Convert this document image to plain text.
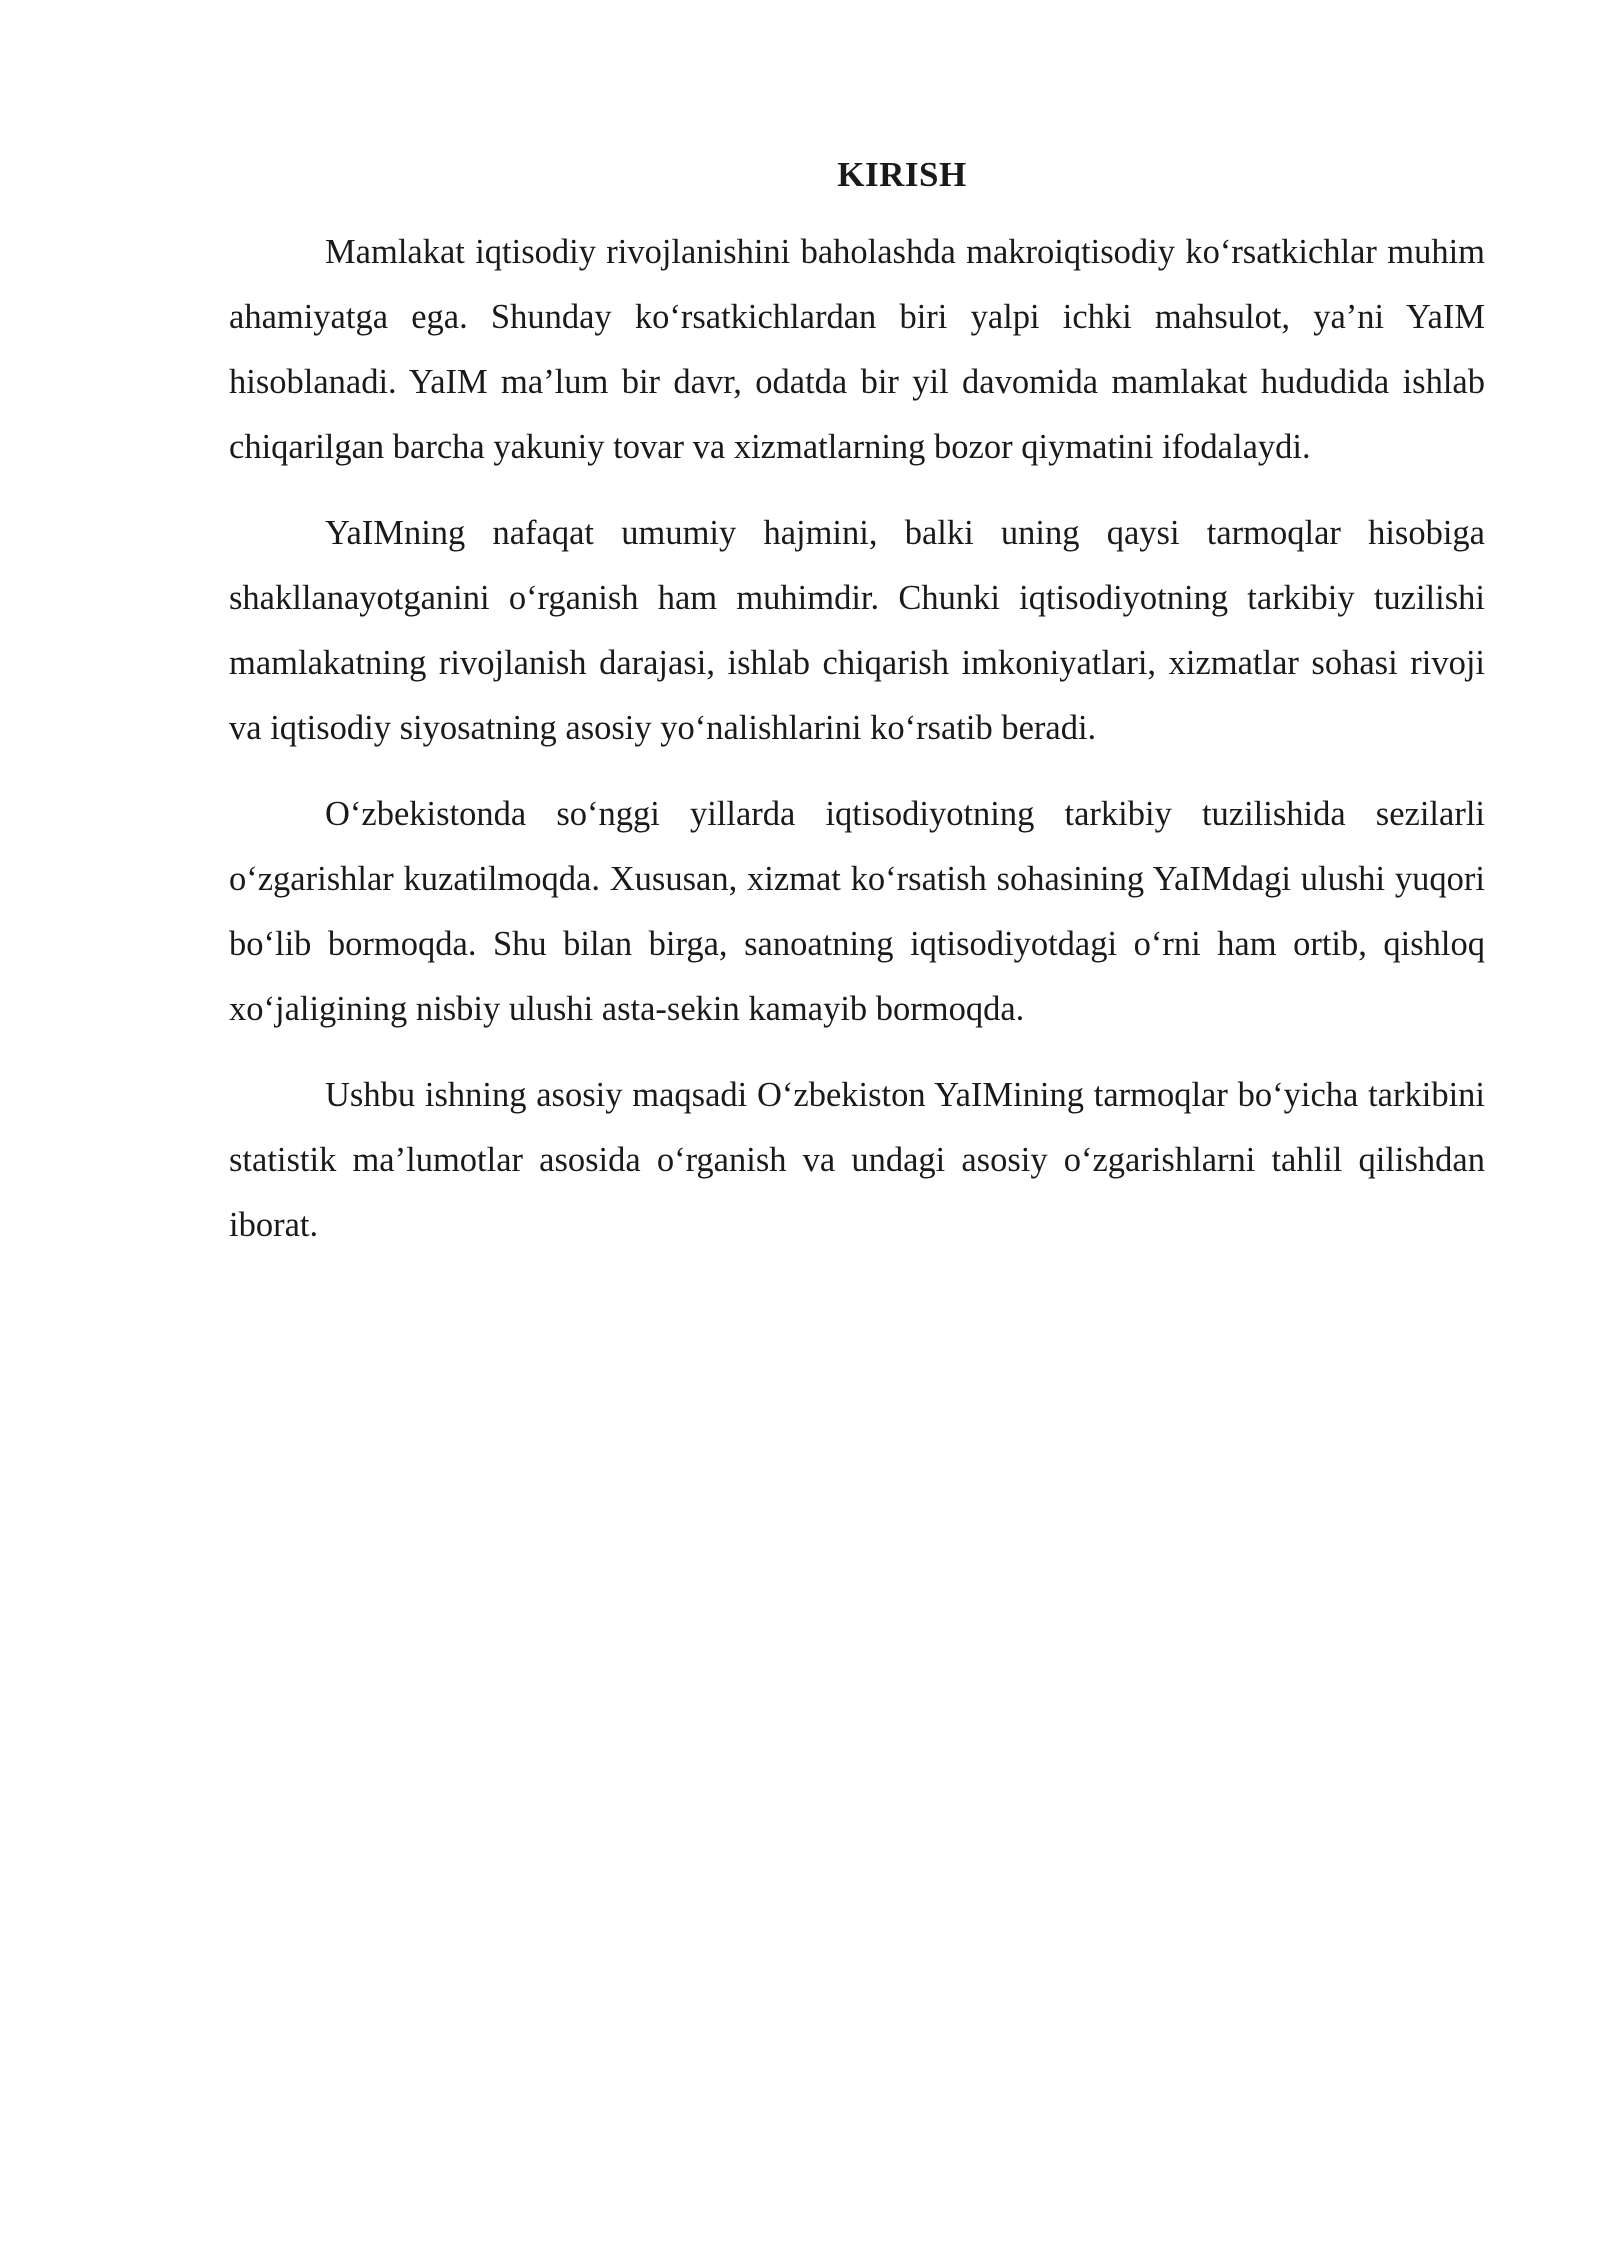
KIRISH

Mamlakat iqtisodiy rivojlanishini baholashda makroiqtisodiy ko‘rsatkichlar muhim ahamiyatga ega. Shunday ko‘rsatkichlardan biri yalpi ichki mahsulot, ya’ni YaIM hisoblanadi. YaIM ma’lum bir davr, odatda bir yil davomida mamlakat hududida ishlab chiqarilgan barcha yakuniy tovar va xizmatlarning bozor qiymatini ifodalaydi.

YaIMning nafaqat umumiy hajmini, balki uning qaysi tarmoqlar hisobiga shakllanayotganini o‘rganish ham muhimdir. Chunki iqtisodiyotning tarkibiy tuzilishi mamlakatning rivojlanish darajasi, ishlab chiqarish imkoniyatlari, xizmatlar sohasi rivoji va iqtisodiy siyosatning asosiy yo‘nalishlarini ko‘rsatib beradi.

O‘zbekistonda so‘nggi yillarda iqtisodiyotning tarkibiy tuzilishida sezilarli o‘zgarishlar kuzatilmoqda. Xususan, xizmat ko‘rsatish sohasining YaIMdagi ulushi yuqori bo‘lib bormoqda. Shu bilan birga, sanoatning iqtisodiyotdagi o‘rni ham ortib, qishloq xo‘jaligining nisbiy ulushi asta-sekin kamayib bormoqda.

Ushbu ishning asosiy maqsadi O‘zbekiston YaIMining tarmoqlar bo‘yicha tarkibini statistik ma’lumotlar asosida o‘rganish va undagi asosiy o‘zgarishlarni tahlil qilishdan iborat.
